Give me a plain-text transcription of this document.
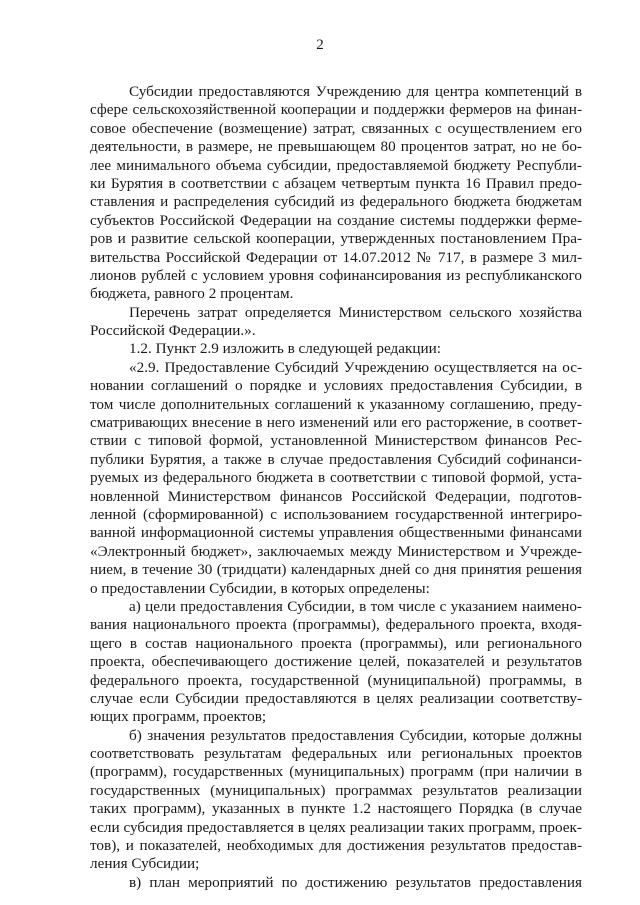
2
Субсидии предоставляются Учреждению для центра компетенций в
сфере сельскохозяйственной кооперации и поддержки фермеров на финан-
совое обеспечение (возмещение) затрат, связанных с осуществлением его
деятельности, в размере, не превышающем 80 процентов затрат, но не бо-
лее минимального объема субсидии, предоставляемой бюджету Республи-
ки Бурятия в соответствии с абзацем четвертым пункта 16 Правил предо-
ставления и распределения субсидий из федерального бюджета бюджетам
субъектов Российской Федерации на создание системы поддержки ферме-
ров и развитие сельской кооперации, утвержденных постановлением Пра-
вительства Российской Федерации от 14.07.2012 № 717, в размере 3 мил-
лионов рублей с условием уровня софинансирования из республиканского
бюджета, равного 2 процентам.
Перечень затрат определяется Министерством сельского хозяйства
Российской Федерации.».
1.2. Пункт 2.9 изложить в следующей редакции:
«2.9. Предоставление Субсидий Учреждению осуществляется на ос-
новании соглашений о порядке и условиях предоставления Субсидии, в
том числе дополнительных соглашений к указанному соглашению, преду-
сматривающих внесение в него изменений или его расторжение, в соответ-
ствии с типовой формой, установленной Министерством финансов Рес-
публики Бурятия, а также в случае предоставления Субсидий софинанси-
руемых из федерального бюджета в соответствии с типовой формой, уста-
новленной Министерством финансов Российской Федерации, подготов-
ленной (сформированной) с использованием государственной интегриро-
ванной информационной системы управления общественными финансами
«Электронный бюджет», заключаемых между Министерством и Учрежде-
нием, в течение 30 (тридцати) календарных дней со дня принятия решения
о предоставлении Субсидии, в которых определены:
а) цели предоставления Субсидии, в том числе с указанием наимено-
вания национального проекта (программы), федерального проекта, входя-
щего в состав национального проекта (программы), или регионального
проекта, обеспечивающего достижение целей, показателей и результатов
федерального проекта, государственной (муниципальной) программы, в
случае если Субсидии предоставляются в целях реализации соответству-
ющих программ, проектов;
б) значения результатов предоставления Субсидии, которые должны
соответствовать результатам федеральных или региональных проектов
(программ), государственных (муниципальных) программ (при наличии в
государственных (муниципальных) программах результатов реализации
таких программ), указанных в пункте 1.2 настоящего Порядка (в случае
если субсидия предоставляется в целях реализации таких программ, проек-
тов), и показателей, необходимых для достижения результатов предостав-
ления Субсидии;
в) план мероприятий по достижению результатов предоставления
